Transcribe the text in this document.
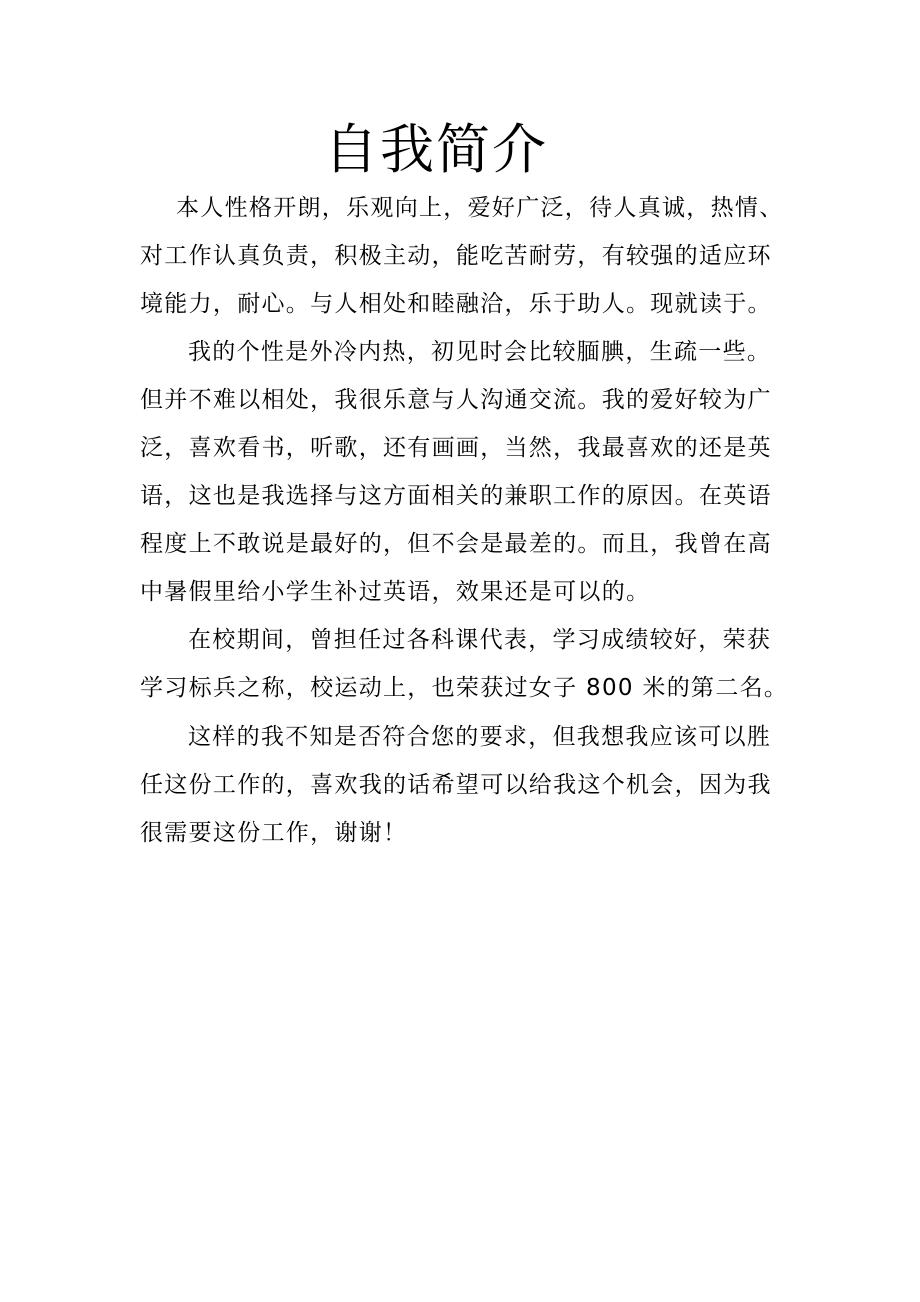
自我简介

本人性格开朗，乐观向上，爱好广泛，待人真诚，热情、

对工作认真负责，积极主动，能吃苦耐劳，有较强的适应环

境能力，耐心。与人相处和睦融洽，乐于助人。现就读于。

我的个性是外冷内热，初见时会比较腼腆，生疏一些。

但并不难以相处，我很乐意与人沟通交流。我的爱好较为广

泛，喜欢看书，听歌，还有画画，当然，我最喜欢的还是英

语，这也是我选择与这方面相关的兼职工作的原因。在英语

程度上不敢说是最好的，但不会是最差的。而且，我曾在高

中暑假里给小学生补过英语，效果还是可以的。

在校期间，曾担任过各科课代表，学习成绩较好，荣获

学习标兵之称，校运动上，也荣获过女子 800 米的第二名。

这样的我不知是否符合您的要求，但我想我应该可以胜

任这份工作的，喜欢我的话希望可以给我这个机会，因为我

很需要这份工作，谢谢！
